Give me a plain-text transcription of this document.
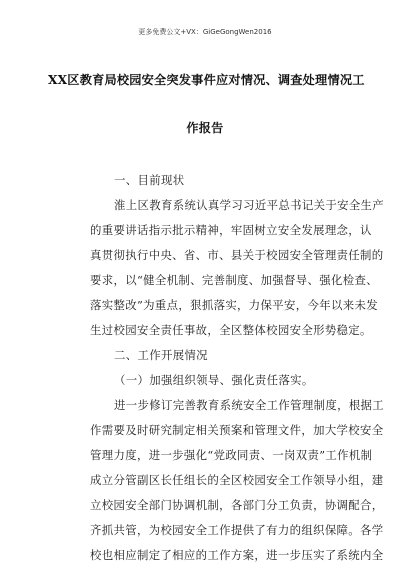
更多免费公文+VX：GiGeGongWen2016
XX区教育局校园安全突发事件应对情况、调查处理情况工
作报告
一、目前现状
淮上区教育系统认真学习习近平总书记关于安全生产
的重要讲话指示批示精神，牢固树立安全发展理念，认
真贯彻执行中央、省、市、县关于校园安全管理责任制的
要求，以“健全机制、完善制度、加强督导、强化检查、
落实整改”为重点，狠抓落实，力保平安，今年以来未发
生过校园安全责任事故，全区整体校园安全形势稳定。
二、工作开展情况
（一）加强组织领导、强化责任落实。
进一步修订完善教育系统安全工作管理制度，根据工
作需要及时研究制定相关预案和管理文件，加大学校安全
管理力度，进一步强化“党政同责、一岗双责”工作机制
成立分管副区长任组长的全区校园安全工作领导小组，建
立校园安全部门协调机制，各部门分工负责，协调配合，
齐抓共管，为校园安全工作提供了有力的组织保障。各学
校也相应制定了相应的工作方案，进一步压实了系统内全
